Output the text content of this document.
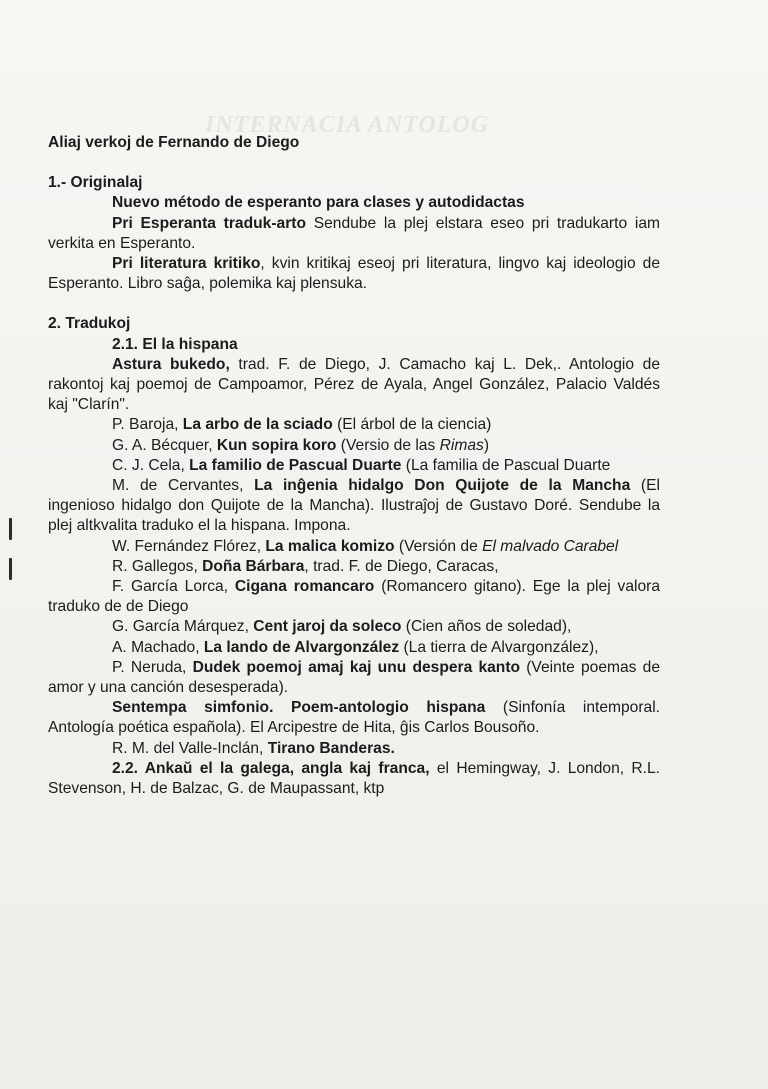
INTERNACIA ANTOLOG

Aliaj verkoj de Fernando de Diego

1.- Originalaj

Nuevo método de esperanto para clases y autodidactas

Pri Esperanta traduk-arto Sendube la plej elstara eseo pri tradukarto iam verkita en Esperanto.

Pri literatura kritiko, kvin kritikaj eseoj pri literatura, lingvo kaj ideologio de Esperanto. Libro saĝa, polemika kaj plensuka.

2. Tradukoj

2.1. El la hispana

Astura bukedo, trad. F. de Diego, J. Camacho kaj L. Dek,. Antologio de rakontoj kaj poemoj de Campoamor, Pérez de Ayala, Angel González, Palacio Valdés kaj "Clarín".

P. Baroja, La arbo de la sciado (El árbol de la ciencia)

G. A. Bécquer, Kun sopira koro (Versio de las Rimas)

C. J. Cela, La familio de Pascual Duarte (La familia de Pascual Duarte

M. de Cervantes, La inĝenia hidalgo Don Quijote de la Mancha (El ingenioso hidalgo don Quijote de la Mancha). Ilustraĵoj de Gustavo Doré. Sendube la plej altkvalita traduko el la hispana. Impona.

W. Fernández Flórez, La malica komizo (Versión de El malvado Carabel

R. Gallegos, Doña Bárbara, trad. F. de Diego, Caracas,

F. García Lorca, Cigana romancaro (Romancero gitano). Ege la plej valora traduko de de Diego

G. García Márquez, Cent jaroj da soleco (Cien años de soledad),

A. Machado, La lando de Alvargonzález (La tierra de Alvargonzález),

P. Neruda, Dudek poemoj amaj kaj unu despera kanto (Veinte poemas de amor y una canción desesperada).

Sentempa simfonio. Poem-antologio hispana (Sinfonía intemporal. Antología poética española). El Arcipestre de Hita, ĝis Carlos Bousoño.

R. M. del Valle-Inclán, Tirano Banderas.

2.2. Ankaŭ el la galega, angla kaj franca, el Hemingway, J. London, R.L. Stevenson, H. de Balzac, G. de Maupassant, ktp
